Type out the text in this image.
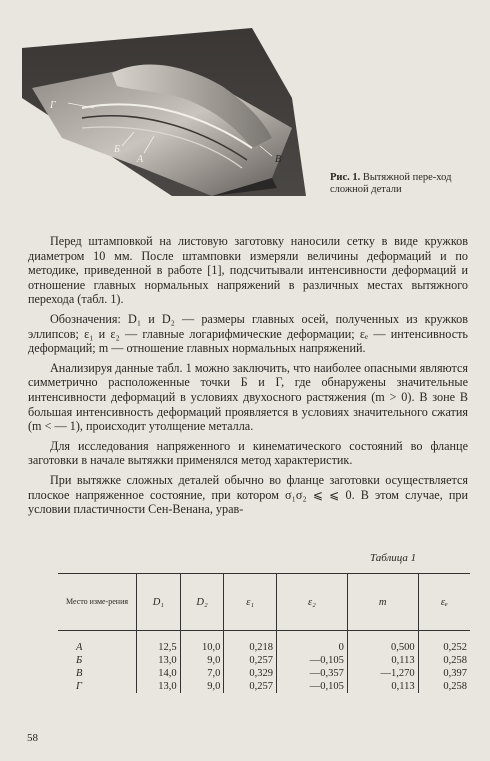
Г
Б
А	В
Рис. 1. Вытяжной пере-ход сложной детали

Перед штамповкой на листовую заготовку наносили сетку в виде кружков диаметром 10 мм. После штамповки измеряли величины деформаций и по методике, приведенной в работе [1], подсчитывали интенсивности деформаций и отношение главных нормальных напряжений в различных местах вытяжного перехода (табл. 1).

Обозначения: D₁ и D₂ — размеры главных осей, полученных из кружков эллипсов; ε₁ и ε₂ — главные логарифмические деформации; εₑ — интенсивность деформаций; m — отношение главных нормальных напряжений.

Анализируя данные табл. 1 можно заключить, что наиболее опасными являются симметрично расположенные точки Б и Г, где обнаружены значительные интенсивности деформаций в условиях двухосного растяжения (m > 0). В зоне В большая интенсивность деформаций проявляется в условиях значительного сжатия (m < — 1), происходит утолщение металла.

Для исследования напряженного и кинематического состояний во фланце заготовки в начале вытяжки применялся метод характеристик.

При вытяжке сложных деталей обычно во фланце заготовки осуществляется плоское напряженное состояние, при котором σ₁σ₂ ⩽ ⩽ 0. В этом случае, при условии пластичности Сен-Венана, урав-

Таблица 1
Место изме-рения	D₁	D₂	ε₁	ε₂	m	εₑ
А	12,5	10,0	0,218	0	0,500	0,252
Б	13,0	9,0	0,257	—0,105	0,113	0,258
В	14,0	7,0	0,329	—0,357	—1,270	0,397
Г	13,0	9,0	0,257	—0,105	0,113	0,258
58
